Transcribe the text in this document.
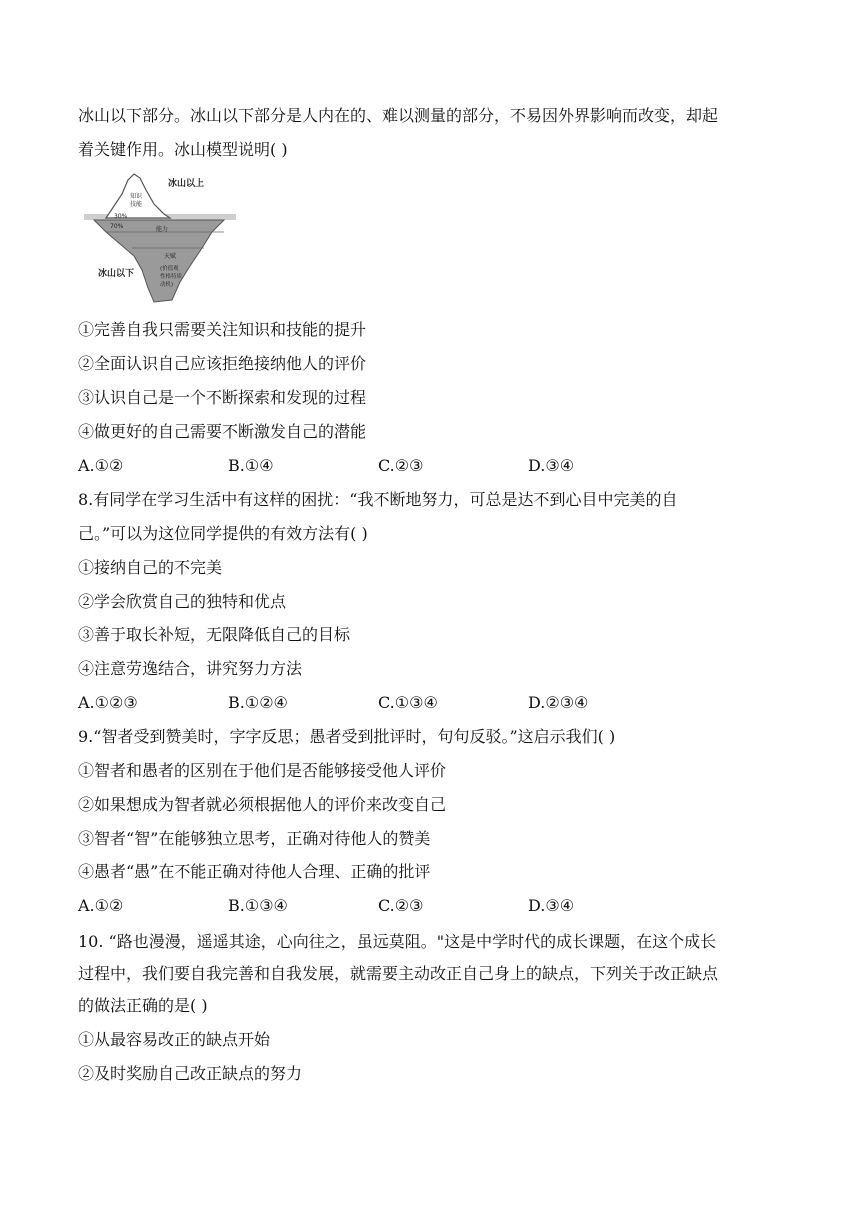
冰山以下部分。冰山以下部分是人内在的、难以测量的部分，不易因外界影响而改变，却起
着关键作用。冰山模型说明( )
冰山以上
冰山以下
知识
技能
30%
70%	能力
天赋
(价值观
性格特质
动机)
①完善自我只需要关注知识和技能的提升
②全面认识自己应该拒绝接纳他人的评价
③认识自己是一个不断探索和发现的过程
④做更好的自己需要不断激发自己的潜能
A.①②	B.①④	C.②③	D.③④
8.有同学在学习生活中有这样的困扰：“我不断地努力，可总是达不到心目中完美的自
己。”可以为这位同学提供的有效方法有( )
①接纳自己的不完美
②学会欣赏自己的独特和优点
③善于取长补短，无限降低自己的目标
④注意劳逸结合，讲究努力方法
A.①②③	B.①②④	C.①③④	D.②③④
9.“智者受到赞美时，字字反思；愚者受到批评时，句句反驳。”这启示我们( )
①智者和愚者的区别在于他们是否能够接受他人评价
②如果想成为智者就必须根据他人的评价来改变自己
③智者“智”在能够独立思考，正确对待他人的赞美
④愚者“愚”在不能正确对待他人合理、正确的批评
A.①②	B.①③④	C.②③	D.③④
10. “路也漫漫，遥遥其途，心向往之，虽远莫阻。"这是中学时代的成长课题，在这个成长
过程中，我们要自我完善和自我发展，就需要主动改正自己身上的缺点，下列关于改正缺点
的做法正确的是( )
①从最容易改正的缺点开始
②及时奖励自己改正缺点的努力
